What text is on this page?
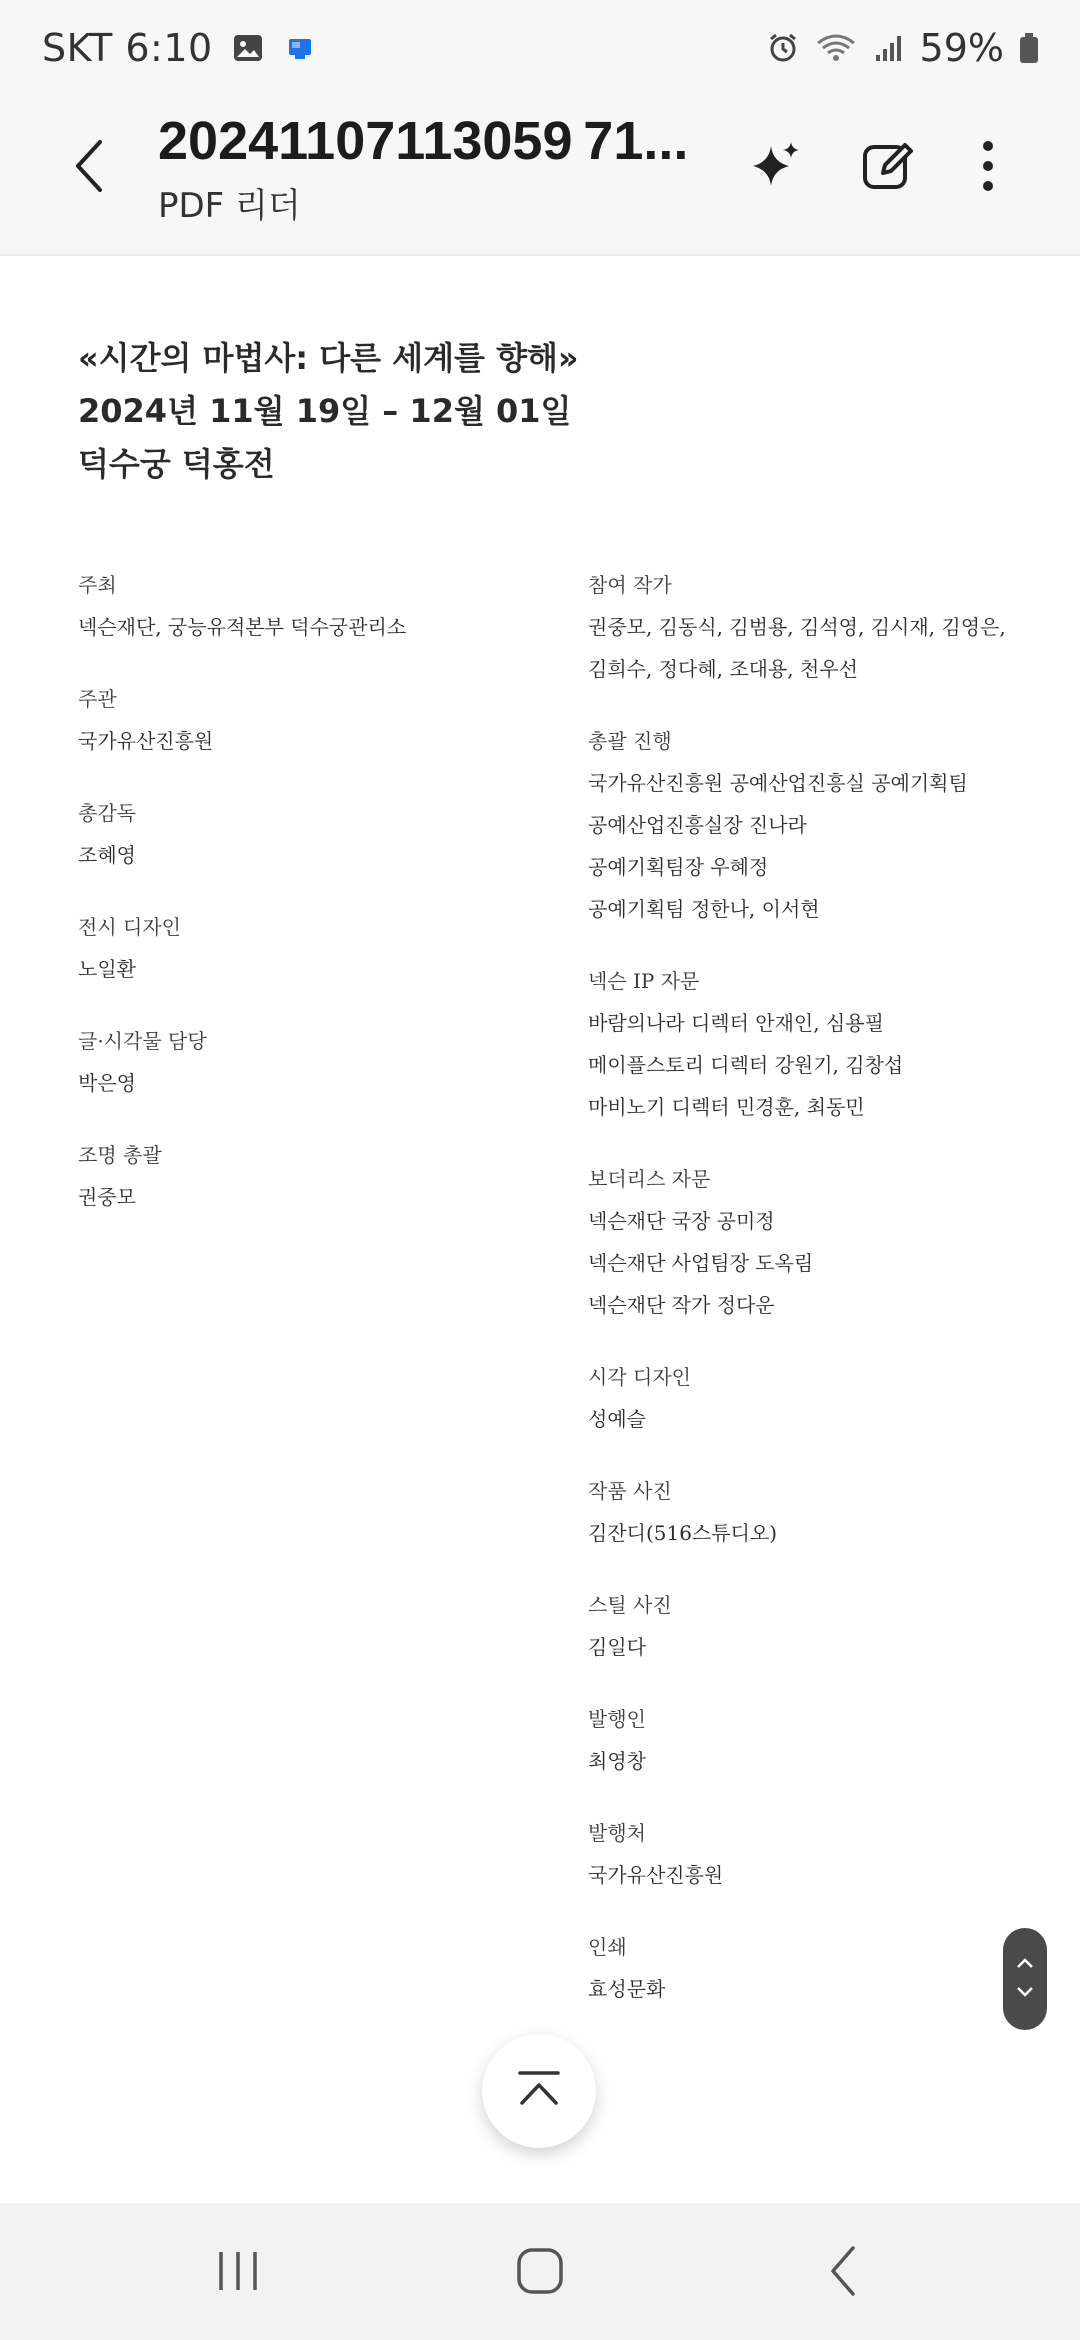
SKT 6:10	59%
20241107113059 71...
PDF 리더
«시간의 마법사: 다른 세계를 향해»
2024년 11월 19일 – 12월 01일
덕수궁 덕홍전
주최
넥슨재단, 궁능유적본부 덕수궁관리소
주관
국가유산진흥원
총감독
조혜영
전시 디자인
노일환
글·시각물 담당
박은영
조명 총괄
권중모
참여 작가
권중모, 김동식, 김범용, 김석영, 김시재, 김영은,
김희수, 정다혜, 조대용, 천우선
총괄 진행
국가유산진흥원 공예산업진흥실 공예기획팀
공예산업진흥실장 진나라
공예기획팀장 우혜정
공예기획팀 정한나, 이서현
넥슨 IP 자문
바람의나라 디렉터 안재인, 심용필
메이플스토리 디렉터 강원기, 김창섭
마비노기 디렉터 민경훈, 최동민
보더리스 자문
넥슨재단 국장 공미정
넥슨재단 사업팀장 도옥림
넥슨재단 작가 정다운
시각 디자인
성예슬
작품 사진
김잔디(516스튜디오)
스틸 사진
김일다
발행인
최영창
발행처
국가유산진흥원
인쇄
효성문화
